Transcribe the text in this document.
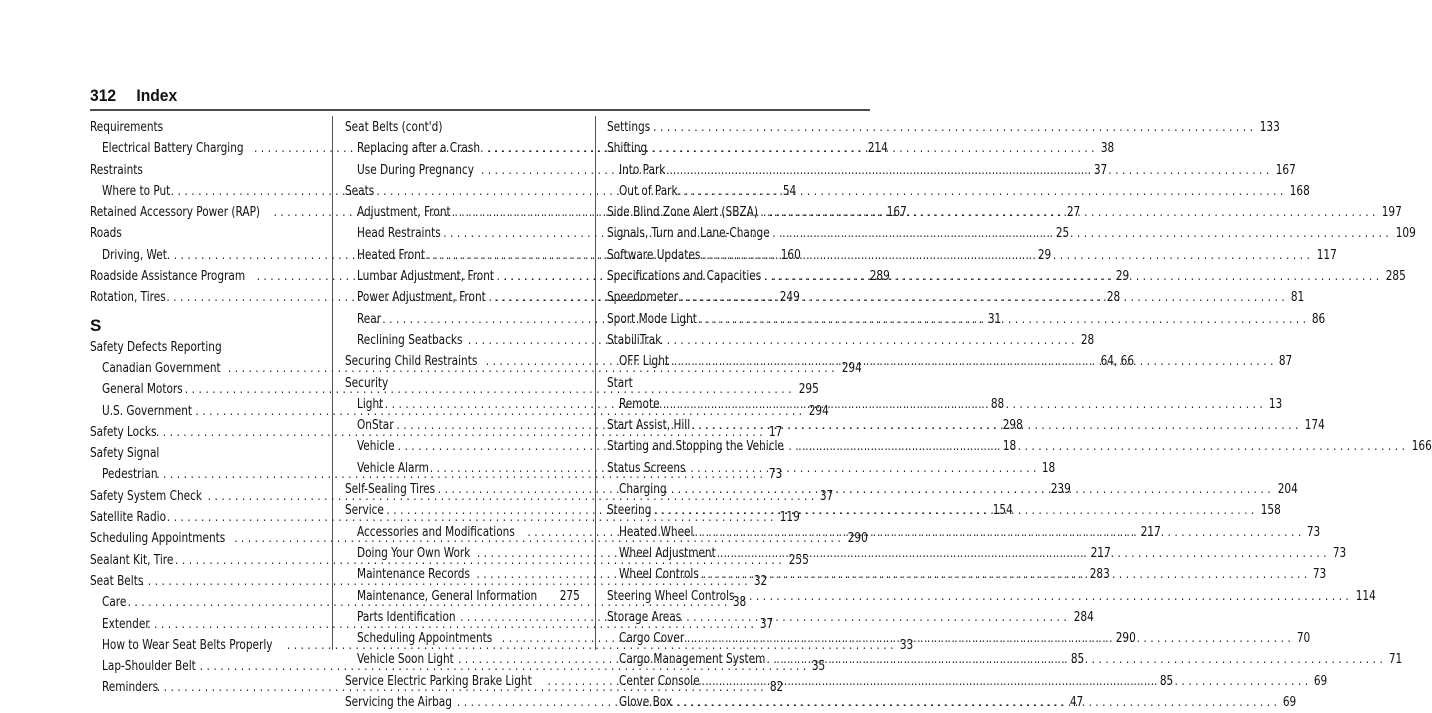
312 Index
Requirements
Electrical Battery Charging . . .	214
Restraints
Where to Put . . .	54
Retained Accessory Power (RAP) . . .	167
Roads
Driving, Wet . . .	160
Roadside Assistance Program . . .	289
Rotation, Tires . . .	249
S
Safety Defects Reporting
Canadian Government . . .	294
General Motors . . .	295
U.S. Government . . .	294
Safety Locks . . .	17
Safety Signal
Pedestrian . . .	73
Safety System Check . . .	37
Satellite Radio . . .	119
Scheduling Appointments . . .	290
Sealant Kit, Tire . . .	255
Seat Belts . . .	32
Care . . .	38
Extender . . .	37
How to Wear Seat Belts Properly . . .	33
Lap-Shoulder Belt . . .	35
Reminders . . .	82
Seat Belts (cont'd)
Replacing after a Crash . . .	38
Use During Pregnancy . . .	37
Seats
Adjustment, Front . . .	27
Head Restraints . . .	25
Heated Front . . .	29
Lumbar Adjustment, Front . . .	29
Power Adjustment, Front . . .	28
Rear . . .	31
Reclining Seatbacks . . .	28
Securing Child Restraints . . .	64, 66
Security
Light . . .	88
OnStar . . .	298
Vehicle . . .	18
Vehicle Alarm . . .	18
Self-Sealing Tires . . .	239
Service . . .	154
Accessories and Modifications . . .	217
Doing Your Own Work . . .	217
Maintenance Records . . .	283
Maintenance, General Information 275
Parts Identification . . .	284
Scheduling Appointments . . .	290
Vehicle Soon Light . . .	85
Service Electric Parking Brake Light . . .	85
Servicing the Airbag . . .	47
Settings . . .	133
Shifting
Into Park . . .	167
Out of Park . . .	168
Side Blind Zone Alert (SBZA) . . .	197
Signals, Turn and Lane-Change . . .	109
Software Updates . . .	117
Specifications and Capacities . . .	285
Speedometer . . .	81
Sport Mode Light . . .	86
StabiliTrak
OFF Light . . .	87
Start
Remote . . .	13
Start Assist, Hill . . .	174
Starting and Stopping the Vehicle . . .	166
Status Screens
Charging . . .	204
Steering . . .	158
Heated Wheel . . .	73
Wheel Adjustment . . .	73
Wheel Controls . . .	73
Steering Wheel Controls . . .	114
Storage Areas
Cargo Cover . . .	70
Cargo Management System . . .	71
Center Console . . .	69
Glove Box . . .	69
